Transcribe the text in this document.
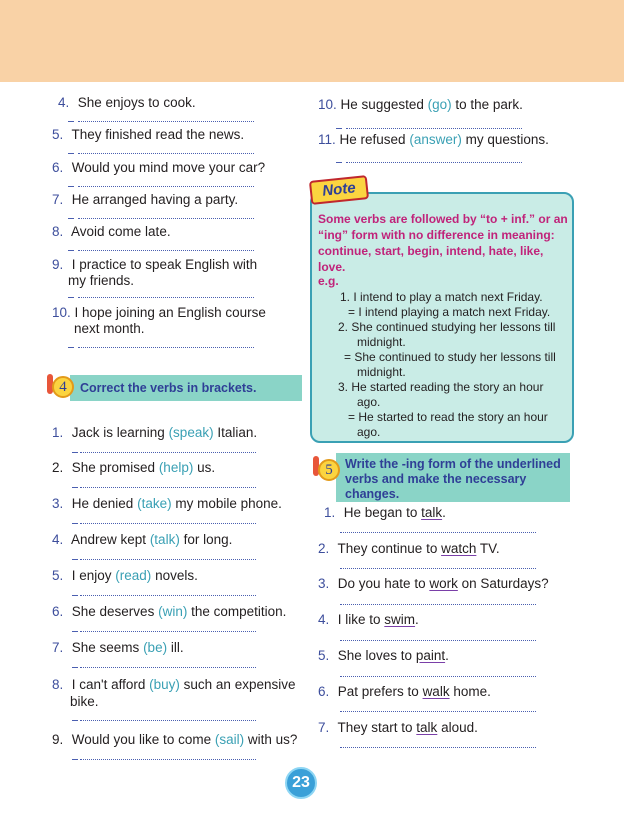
4. She enjoys to cook.
5. They finished read the news.
6. Would you mind move your car?
7. He arranged having a party.
8. Avoid come late.
9. I practice to speak English with
my friends.
10. I hope joining an English course
next month.
10. He suggested (go) to the park.
11. He refused (answer) my questions.
Note
Some verbs are followed by “to + inf.” or an
“ing” form with no difference in meaning:
continue, start, begin, intend, hate, like,
love.
e.g.
1. I intend to play a match next Friday.
= I intend playing a match next Friday.
2. She continued studying her lessons till
midnight.
= She continued to study her lessons till
midnight.
3. He started reading the story an hour
ago.
= He started to read the story an hour
ago.
4	Correct the verbs in brackets.
1. Jack is learning (speak) Italian.
2. She promised (help) us.
3. He denied (take) my mobile phone.
4. Andrew kept (talk) for long.
5. I enjoy (read) novels.
6. She deserves (win) the competition.
7. She seems (be) ill.
8. I can't afford (buy) such an expensive
bike.
9. Would you like to come (sail) with us?
5 Write the -ing form of the underlined
verbs and make the necessary
changes.
1. He began to talk.
2. They continue to watch TV.
3. Do you hate to work on Saturdays?
4. I like to swim.
5. She loves to paint.
6. Pat prefers to walk home.
7. They start to talk aloud.
23
